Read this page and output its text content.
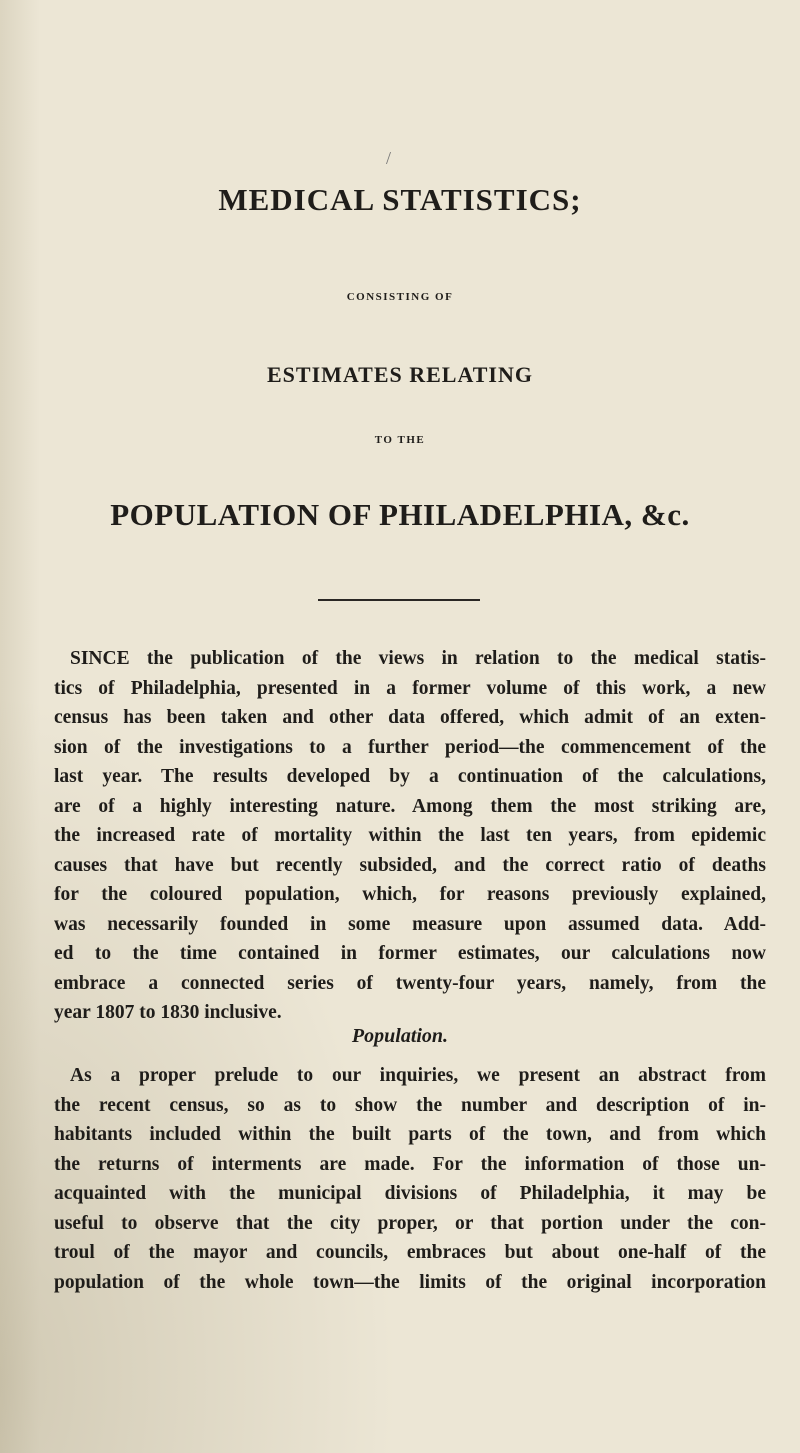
/
MEDICAL STATISTICS;
CONSISTING OF
ESTIMATES RELATING
TO THE
POPULATION OF PHILADELPHIA, &c.
SINCE the publication of the views in relation to the medical statis-
tics of Philadelphia, presented in a former volume of this work, a new
census has been taken and other data offered, which admit of an exten-
sion of the investigations to a further period—the commencement of the
last year. The results developed by a continuation of the calculations,
are of a highly interesting nature. Among them the most striking are,
the increased rate of mortality within the last ten years, from epidemic
causes that have but recently subsided, and the correct ratio of deaths
for the coloured population, which, for reasons previously explained,
was necessarily founded in some measure upon assumed data. Add-
ed to the time contained in former estimates, our calculations now
embrace a connected series of twenty-four years, namely, from the
year 1807 to 1830 inclusive.
Population.
As a proper prelude to our inquiries, we present an abstract from
the recent census, so as to show the number and description of in-
habitants included within the built parts of the town, and from which
the returns of interments are made. For the information of those un-
acquainted with the municipal divisions of Philadelphia, it may be
useful to observe that the city proper, or that portion under the con-
troul of the mayor and councils, embraces but about one-half of the
population of the whole town—the limits of the original incorporation
